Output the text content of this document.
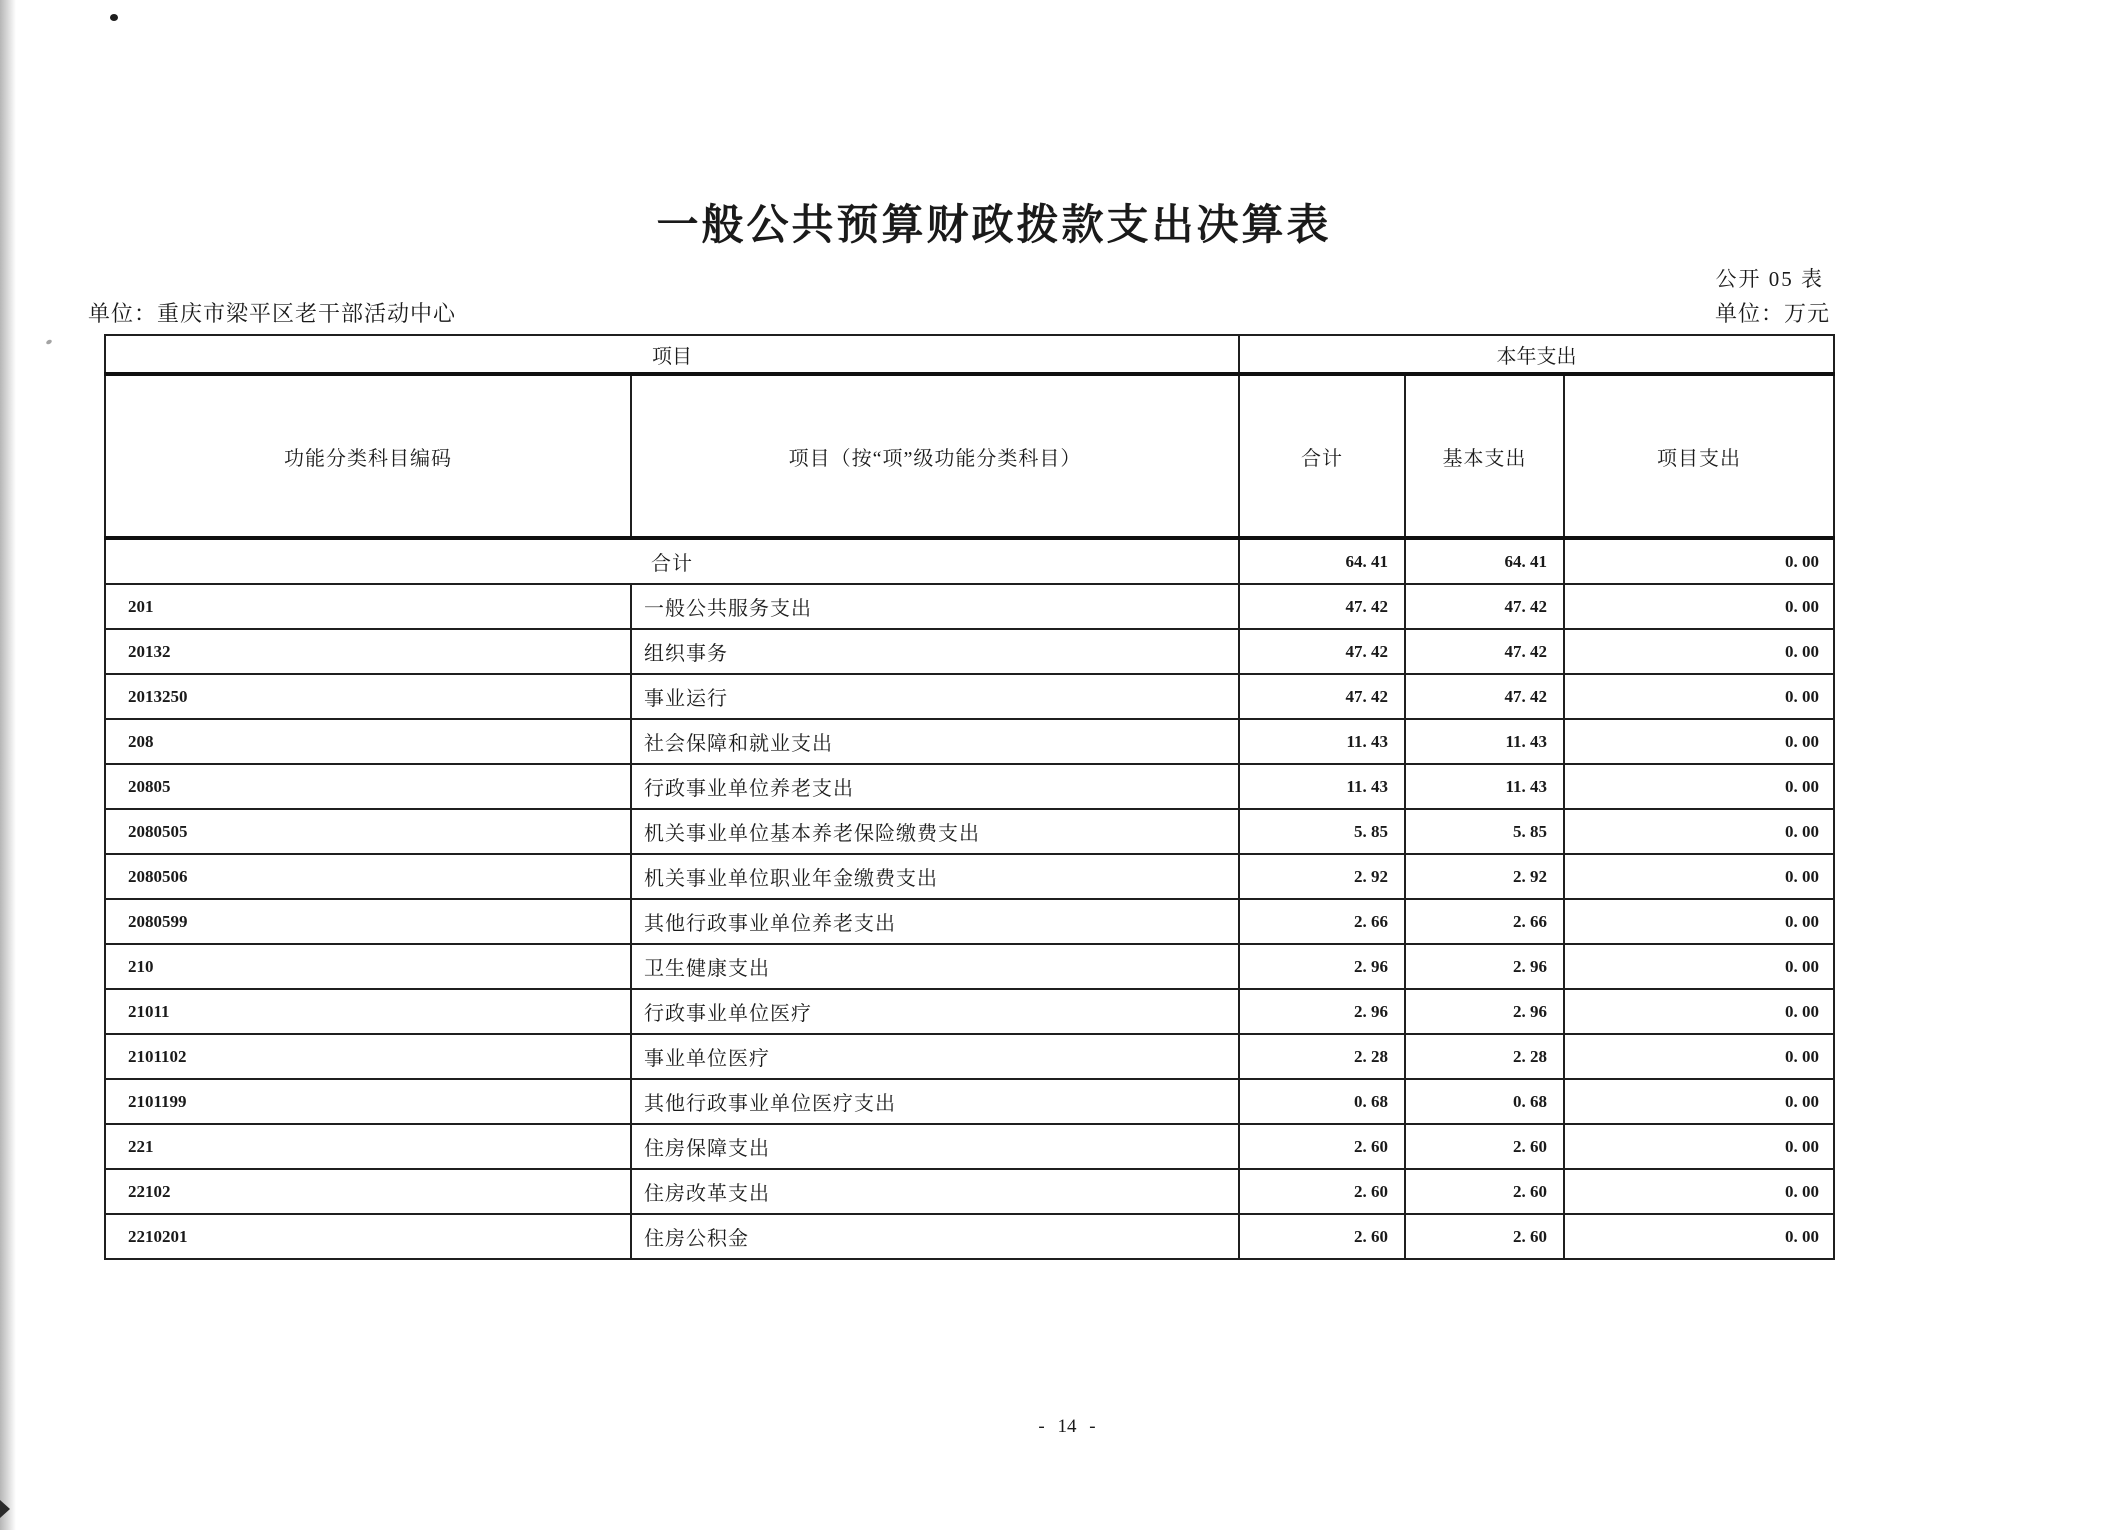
一般公共预算财政拨款支出决算表
公开 05 表
单位：重庆市梁平区老干部活动中心	单位：万元
项目		本年支出		
功能分类科目编码	项目（按“项”级功能分类科目）	合计	基本支出	项目支出
合计		64. 41	64. 41	0. 00
201	一般公共服务支出	47. 42	47. 42	0. 00
20132	组织事务	47. 42	47. 42	0. 00
2013250	事业运行	47. 42	47. 42	0. 00
208	社会保障和就业支出	11. 43	11. 43	0. 00
20805	行政事业单位养老支出	11. 43	11. 43	0. 00
2080505	机关事业单位基本养老保险缴费支出	5. 85	5. 85	0. 00
2080506	机关事业单位职业年金缴费支出	2. 92	2. 92	0. 00
2080599	其他行政事业单位养老支出	2. 66	2. 66	0. 00
210	卫生健康支出	2. 96	2. 96	0. 00
21011	行政事业单位医疗	2. 96	2. 96	0. 00
2101102	事业单位医疗	2. 28	2. 28	0. 00
2101199	其他行政事业单位医疗支出	0. 68	0. 68	0. 00
221	住房保障支出	2. 60	2. 60	0. 00
22102	住房改革支出	2. 60	2. 60	0. 00
2210201	住房公积金	2. 60	2. 60	0. 00
- 14 -
